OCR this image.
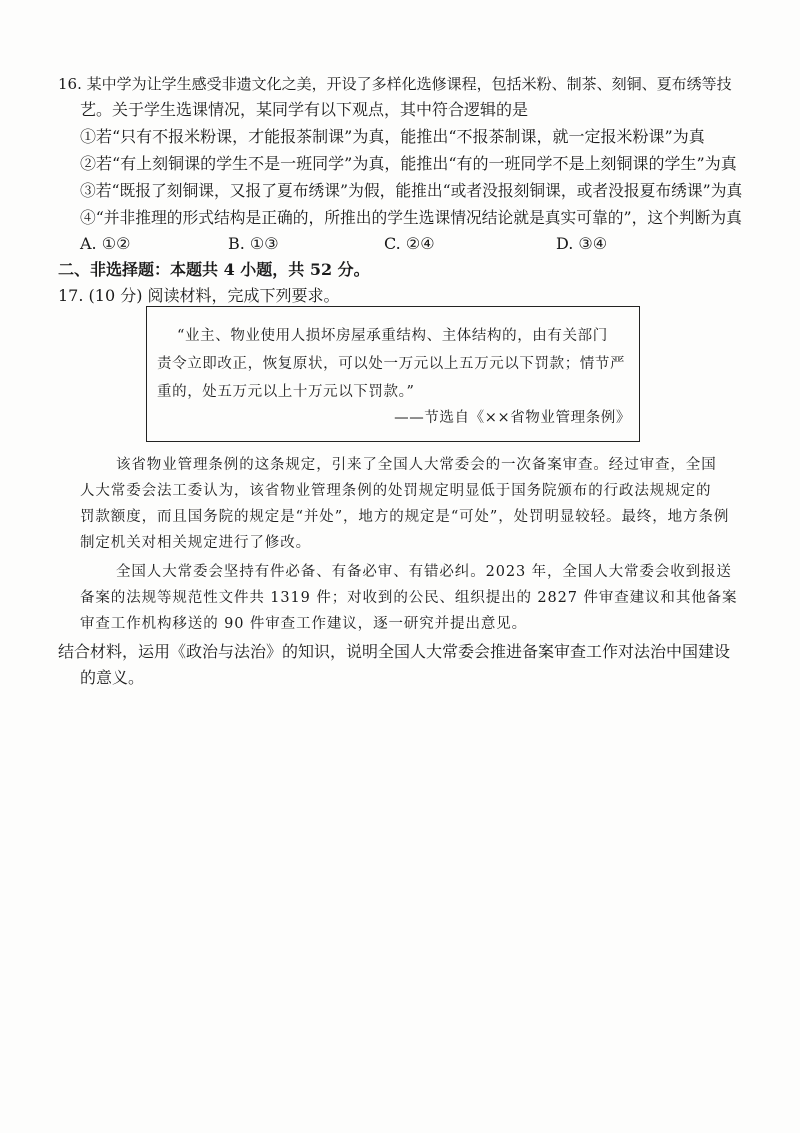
16. 某中学为让学生感受非遗文化之美，开设了多样化选修课程，包括米粉、制茶、刻铜、夏布绣等技
艺。关于学生选课情况，某同学有以下观点，其中符合逻辑的是
①若“只有不报米粉课，才能报茶制课”为真，能推出“不报茶制课，就一定报米粉课”为真
②若“有上刻铜课的学生不是一班同学”为真，能推出“有的一班同学不是上刻铜课的学生”为真
③若“既报了刻铜课，又报了夏布绣课”为假，能推出“或者没报刻铜课，或者没报夏布绣课”为真
④“并非推理的形式结构是正确的，所推出的学生选课情况结论就是真实可靠的”，这个判断为真
A. ①②	B. ①③	C. ②④	D. ③④
二、非选择题：本题共 4 小题，共 52 分。
17. (10 分) 阅读材料，完成下列要求。
“业主、物业使用人损坏房屋承重结构、主体结构的，由有关部门
责令立即改正，恢复原状，可以处一万元以上五万元以下罚款；情节严
重的，处五万元以上十万元以下罚款。”
——节选自《××省物业管理条例》
该省物业管理条例的这条规定，引来了全国人大常委会的一次备案审查。经过审查，全国
人大常委会法工委认为，该省物业管理条例的处罚规定明显低于国务院颁布的行政法规规定的
罚款额度，而且国务院的规定是“并处”，地方的规定是“可处”，处罚明显较轻。最终，地方条例
制定机关对相关规定进行了修改。
全国人大常委会坚持有件必备、有备必审、有错必纠。2023 年，全国人大常委会收到报送
备案的法规等规范性文件共 1319 件；对收到的公民、组织提出的 2827 件审查建议和其他备案
审查工作机构移送的 90 件审查工作建议，逐一研究并提出意见。
结合材料，运用《政治与法治》的知识，说明全国人大常委会推进备案审查工作对法治中国建设
的意义。
